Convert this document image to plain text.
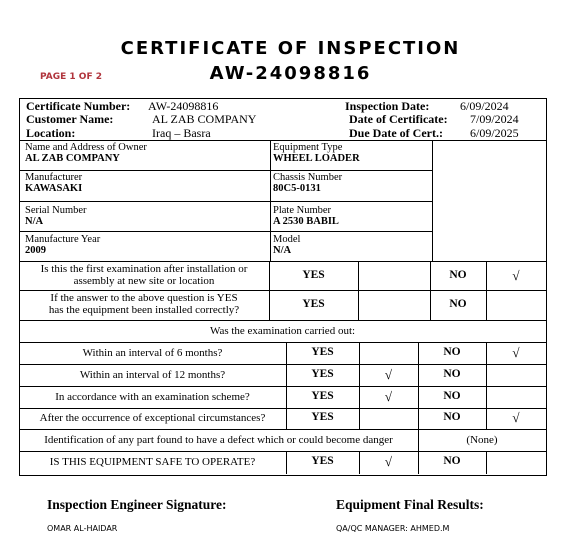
CERTIFICATE OF INSPECTION
AW-24098816
PAGE 1 OF 2
Certificate Number: AW-24098816
Customer Name:	AL ZAB COMPANY
Location:	Iraq – Basra
Inspection Date:	6/09/2024
Date of Certificate: 7/09/2024
Due Date of Cert.: 6/09/2025
Name and Address of Owner
AL ZAB COMPANY
Equipment Type
WHEEL LOADER
Manufacturer
KAWASAKI
Chassis Number
80C5-0131
Serial Number
N/A
Plate Number
A 2530 BABIL
Manufacture Year
2009
Model
N/A
Is this the first examination after installation or
assembly at new site or location	YES	NO	√
If the answer to the above question is YES
has the equipment been installed correctly?	YES	NO
Was the examination carried out:
Within an interval of 6 months?	YES	NO	√
Within an interval of 12 months?	YES	√	NO
In accordance with an examination scheme?	YES	√	NO
After the occurrence of exceptional circumstances?	YES	NO	√
Identification of any part found to have a defect which or could become danger	(None)
IS THIS EQUIPMENT SAFE TO OPERATE?	YES	√	NO
Inspection Engineer Signature:
OMAR AL-HAIDAR
Equipment Final Results:
QA/QC MANAGER: AHMED.M
